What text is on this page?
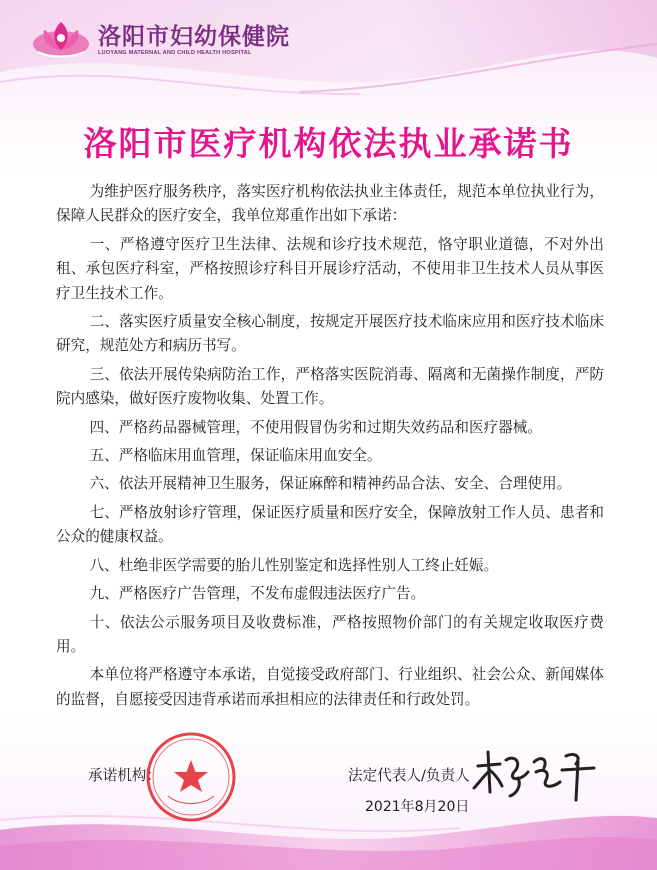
洛阳市妇幼保健院
LUOYANG MATERNAL AND CHILD HEALTH HOSPITAL
洛阳市医疗机构依法执业承诺书

为维护医疗服务秩序，落实医疗机构依法执业主体责任，规范本单位执业行为，保障人民群众的医疗安全，我单位郑重作出如下承诺：

一、严格遵守医疗卫生法律、法规和诊疗技术规范，恪守职业道德，不对外出租、承包医疗科室，严格按照诊疗科目开展诊疗活动，不使用非卫生技术人员从事医疗卫生技术工作。

二、落实医疗质量安全核心制度，按规定开展医疗技术临床应用和医疗技术临床研究，规范处方和病历书写。

三、依法开展传染病防治工作，严格落实医院消毒、隔离和无菌操作制度，严防院内感染，做好医疗废物收集、处置工作。

四、严格药品器械管理，不使用假冒伪劣和过期失效药品和医疗器械。

五、严格临床用血管理，保证临床用血安全。

六、依法开展精神卫生服务，保证麻醉和精神药品合法、安全、合理使用。

七、严格放射诊疗管理，保证医疗质量和医疗安全，保障放射工作人员、患者和公众的健康权益。

八、杜绝非医学需要的胎儿性别鉴定和选择性别人工终止妊娠。

九、严格医疗广告管理，不发布虚假违法医疗广告。

十、依法公示服务项目及收费标准，严格按照物价部门的有关规定收取医疗费用。

本单位将严格遵守本承诺，自觉接受政府部门、行业组织、社会公众、新闻媒体的监督，自愿接受因违背承诺而承担相应的法律责任和行政处罚。

承诺机构：	法定代表人/负责人
2021年8月20日
